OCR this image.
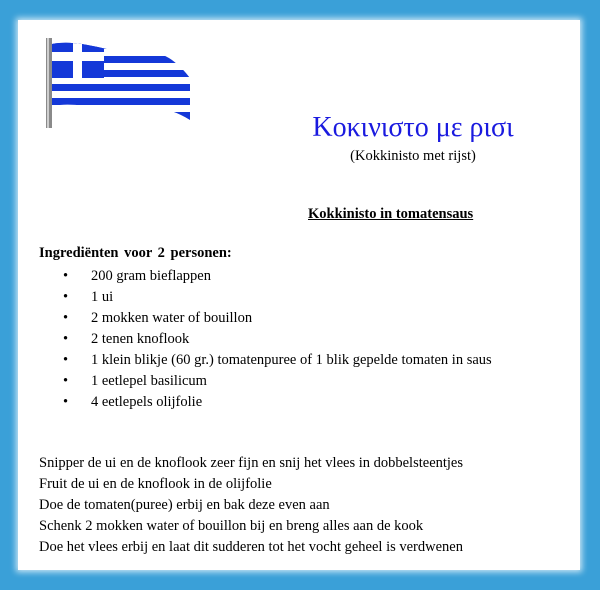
Κοκινιστο με ρισι
(Kokkinisto met rijst)
Kokkinisto in tomatensaus
Ingrediënten voor 2 personen:
• 200 gram bieflappen
• 1 ui
• 2 mokken water of bouillon
• 2 tenen knoflook
• 1 klein blikje (60 gr.) tomatenpuree of 1 blik gepelde tomaten in saus
• 1 eetlepel basilicum
• 4 eetlepels olijfolie
Snipper de ui en de knoflook zeer fijn en snij het vlees in dobbelsteentjes
Fruit de ui en de knoflook in de olijfolie
Doe de tomaten(puree) erbij en bak deze even aan
Schenk 2 mokken water of bouillon bij en breng alles aan de kook
Doe het vlees erbij en laat dit sudderen tot het vocht geheel is verdwenen
